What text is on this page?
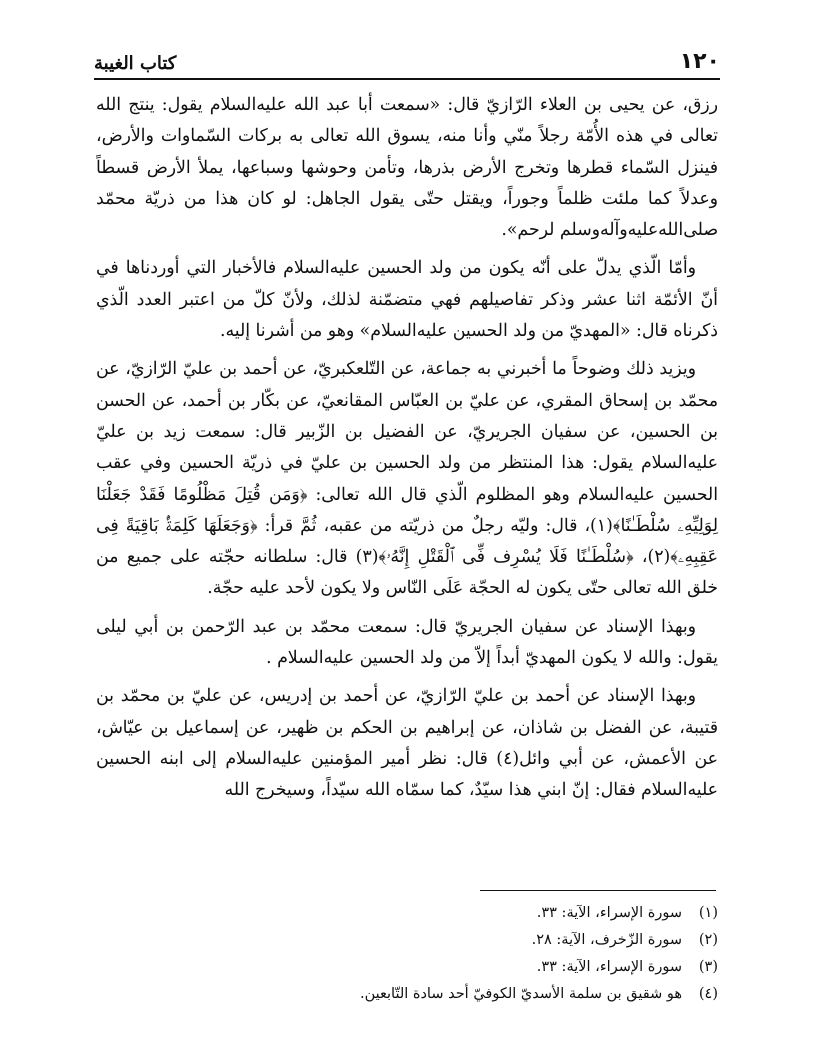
١٢٠
كتاب الغيبة

رزق، عن يحيى بن العلاء الرّازيّ قال: «سمعت أبا عبد الله عليه‌السلام يقول: ينتج الله تعالى في هذه الأُمّة رجلاً منّي وأنا منه، يسوق الله تعالى به بركات السّماوات والأرض، فينزل السّماء قطرها وتخرج الأرض بذرها، وتأمن وحوشها وسباعها، يملأ الأرض قسطاً وعدلاً كما ملئت ظلماً وجوراً، ويقتل حتّى يقول الجاهل: لو كان هذا من ذريّة محمّد صلى‌الله‌عليه‌وآله‌وسلم لرحم».

وأمّا الّذي يدلّ على أنّه يكون من ولد الحسين عليه‌السلام فالأخبار التي أوردناها في أنّ الأئمّة اثنا عشر وذكر تفاصيلهم فهي متضمّنة لذلك، ولأنّ كلّ من اعتبر العدد الّذي ذكرناه قال: «المهديّ من ولد الحسين عليه‌السلام» وهو من أشرنا إليه.

ويزيد ذلك وضوحاً ما أخبرني به جماعة، عن التّلعكبريّ، عن أحمد بن عليّ الرّازيّ، عن محمّد بن إسحاق المقري، عن عليّ بن العبّاس المقانعيّ، عن بكّار بن أحمد، عن الحسن بن الحسين، عن سفيان الجريريّ، عن الفضيل بن الزّبير قال: سمعت زيد بن عليّ عليه‌السلام يقول: هذا المنتظر من ولد الحسين بن عليّ في ذريّة الحسين وفي عقب الحسين عليه‌السلام وهو المظلوم الّذي قال الله تعالى: ﴿وَمَن قُتِلَ مَظْلُومًا فَقَدْ جَعَلْنَا لِوَلِيِّهِۦ سُلْطَـٰنًا﴾(١)، قال: وليّه رجلٌ من ذريّته من عقبه، ثُمَّ قرأ: ﴿وَجَعَلَهَا كَلِمَةًۢ بَاقِيَةً فِى عَقِبِهِۦ﴾(٢)، ﴿سُلْطَـٰنًا فَلَا يُسْرِف فِّى ٱلْقَتْلِ إِنَّهُۥ﴾(٣) قال: سلطانه حجّته على جميع من خلق الله تعالى حتّى يكون له الحجّة عَلَى النّاس ولا يكون لأحد عليه حجّة.

وبهذا الإسناد عن سفيان الجريريّ قال: سمعت محمّد بن عبد الرّحمن بن أبي ليلى يقول: والله لا يكون المهديّ أبداً إلاّ من ولد الحسين عليه‌السلام .

وبهذا الإسناد عن أحمد بن عليّ الرّازيّ، عن أحمد بن إدريس، عن عليّ بن محمّد بن قتيبة، عن الفضل بن شاذان، عن إبراهيم بن الحكم بن ظهير، عن إسماعيل بن عيّاش، عن الأعمش، عن أبي وائل(٤) قال: نظر أمير المؤمنين عليه‌السلام إلى ابنه الحسين عليه‌السلام فقال: إنّ ابني هذا سيّدٌ، كما سمّاه الله سيّداً، وسيخرج الله

(١)
سورة الإسراء، الآية: ٣٣.
(٢)
سورة الزّخرف، الآية: ٢٨.
(٣)
سورة الإسراء، الآية: ٣٣.
(٤)
هو شقيق بن سلمة الأسديّ الكوفيّ أحد سادة التّابعين.
